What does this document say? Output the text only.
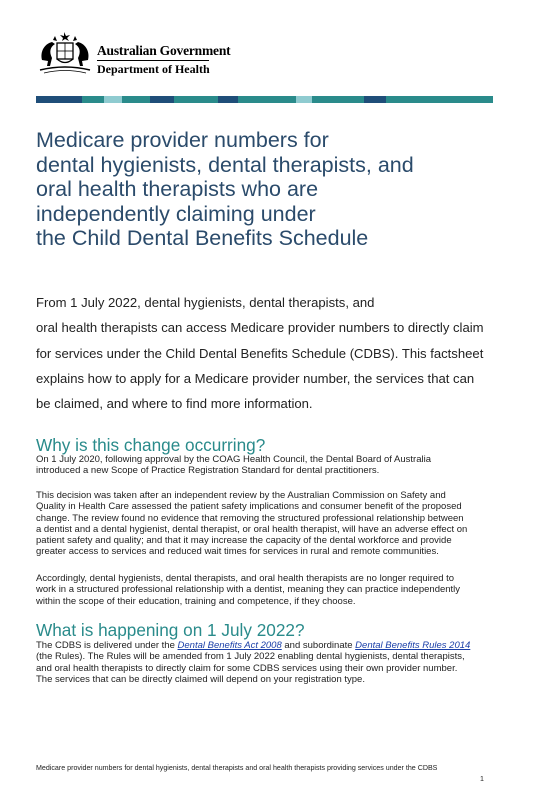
Australian Government
Department of Health
Medicare provider numbers for
dental hygienists, dental therapists, and
oral health therapists who are
independently claiming under
the Child Dental Benefits Schedule
From 1 July 2022, dental hygienists, dental therapists, and
oral health therapists can access Medicare provider numbers to directly claim
for services under the Child Dental Benefits Schedule (CDBS). This factsheet
explains how to apply for a Medicare provider number, the services that can
be claimed, and where to find more information.
Why is this change occurring?
On 1 July 2020, following approval by the COAG Health Council, the Dental Board of Australia
introduced a new Scope of Practice Registration Standard for dental practitioners.
This decision was taken after an independent review by the Australian Commission on Safety and
Quality in Health Care assessed the patient safety implications and consumer benefit of the proposed
change. The review found no evidence that removing the structured professional relationship between
a dentist and a dental hygienist, dental therapist, or oral health therapist, will have an adverse effect on
patient safety and quality; and that it may increase the capacity of the dental workforce and provide
greater access to services and reduced wait times for services in rural and remote communities.
Accordingly, dental hygienists, dental therapists, and oral health therapists are no longer required to
work in a structured professional relationship with a dentist, meaning they can practice independently
within the scope of their education, training and competence, if they choose.
What is happening on 1 July 2022?
The CDBS is delivered under the Dental Benefits Act 2008 and subordinate Dental Benefits Rules 2014
(the Rules). The Rules will be amended from 1 July 2022 enabling dental hygienists, dental therapists,
and oral health therapists to directly claim for some CDBS services using their own provider number.
The services that can be directly claimed will depend on your registration type.
Medicare provider numbers for dental hygienists, dental therapists and oral health therapists providing services under the CDBS
1
